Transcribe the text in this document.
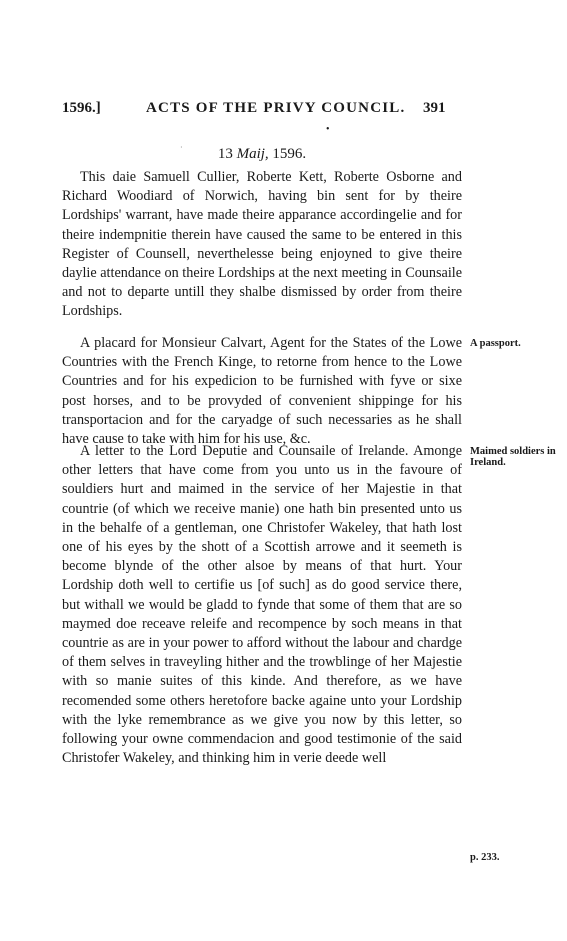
1596.]	ACTS OF THE PRIVY COUNCIL. 391
•
·	13 Maij, 1596.

This daie Samuell Cullier, Roberte Kett, Roberte Osborne and Richard Woodiard of Norwich, having bin sent for by theire Lordships' warrant, have made theire apparance accordingelie and for theire indempnitie therein have caused the same to be entered in this Register of Counsell, neverthelesse being enjoyned to give theire daylie attendance on theire Lordships at the next meeting in Counsaile and not to departe untill they shalbe dismissed by order from theire Lordships.

A placard for Monsieur Calvart, Agent for the States of the Lowe Countries with the French Kinge, to retorne from hence to the Lowe Countries and for his expedicion to be furnished with fyve or sixe post horses, and to be provyded of convenient shippinge for his transportacion and for the caryadge of such necessaries as he shall have cause to take with him for his use, &c.

A letter to the Lord Deputie and Counsaile of Irelande. Amonge other letters that have come from you unto us in the favoure of souldiers hurt and maimed in the service of her Majestie in that countrie (of which we receive manie) one hath bin presented unto us in the behalfe of a gentleman, one Christofer Wakeley, that hath lost one of his eyes by the shott of a Scottish arrowe and it seemeth is become blynde of the other alsoe by means of that hurt. Your Lordship doth well to certifie us [of such] as do good service there, but withall we would be gladd to fynde that some of them that are so maymed doe receave releife and recompence by soch means in that countrie as are in your power to afford without the labour and chardge of them selves in traveyling hither and the trowblinge of her Majestie with so manie suites of this kinde. And therefore, as we have recomended some others heretofore backe againe unto your Lordship with the lyke remembrance as we give you now by this letter, so following your owne commendacion and good testimonie of the said Christofer Wakeley, and thinking him in verie deede well

A passport.
Maimed soldiers in Ireland.
p. 233.
